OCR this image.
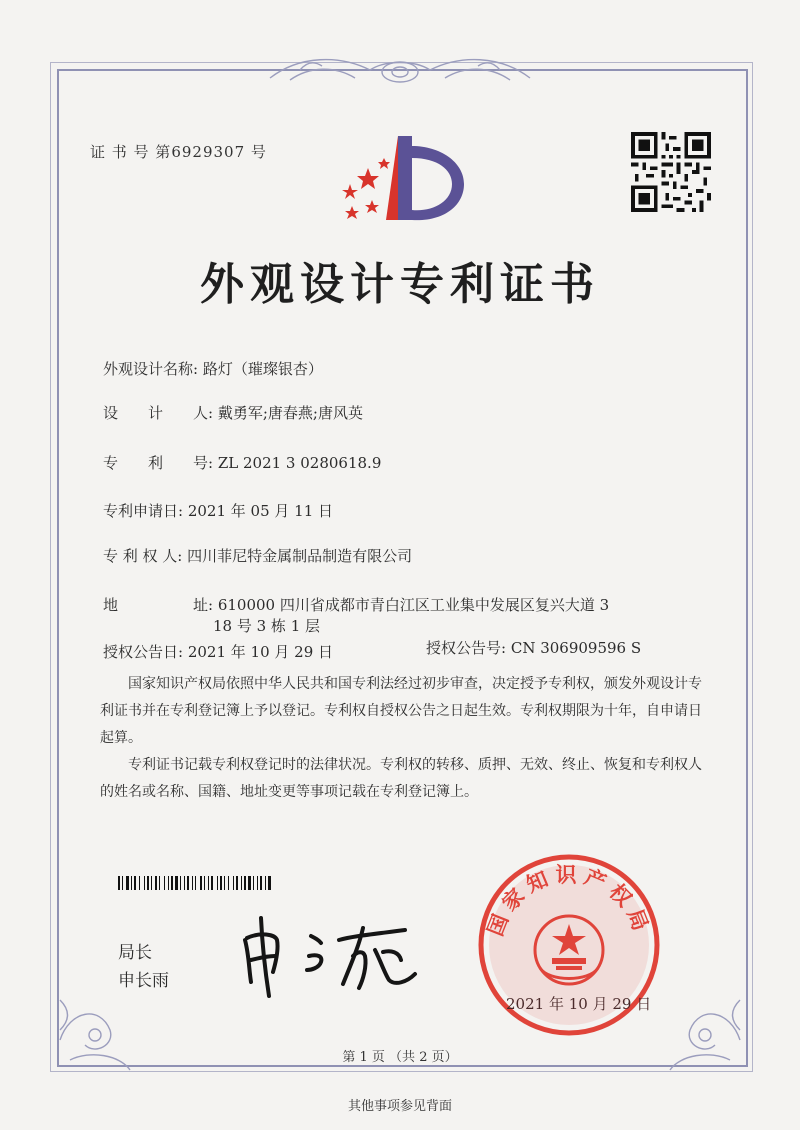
证 书 号 第6929307 号
外观设计专利证书
外观设计名称: 路灯（璀璨银杏）
设　　计　　人: 戴勇军;唐春燕;唐风英
专　　利　　号: ZL 2021 3 0280618.9
专利申请日: 2021 年 05 月 11 日
专 利 权 人: 四川菲尼特金属制品制造有限公司
地　　　　　址: 610000 四川省成都市青白江区工业集中发展区复兴大道 3
18 号 3 栋 1 层
授权公告日: 2021 年 10 月 29 日	授权公告号: CN 306909596 S

国家知识产权局依照中华人民共和国专利法经过初步审查，决定授予专利权，颁发外观设计专利证书并在专利登记簿上予以登记。专利权自授权公告之日起生效。专利权期限为十年，自申请日起算。

专利证书记载专利权登记时的法律状况。专利权的转移、质押、无效、终止、恢复和专利权人的姓名或名称、国籍、地址变更等事项记载在专利登记簿上。

局长
申长雨
国家知识产权局
2021 年 10 月 29 日
第 1 页 （共 2 页）
其他事项参见背面
